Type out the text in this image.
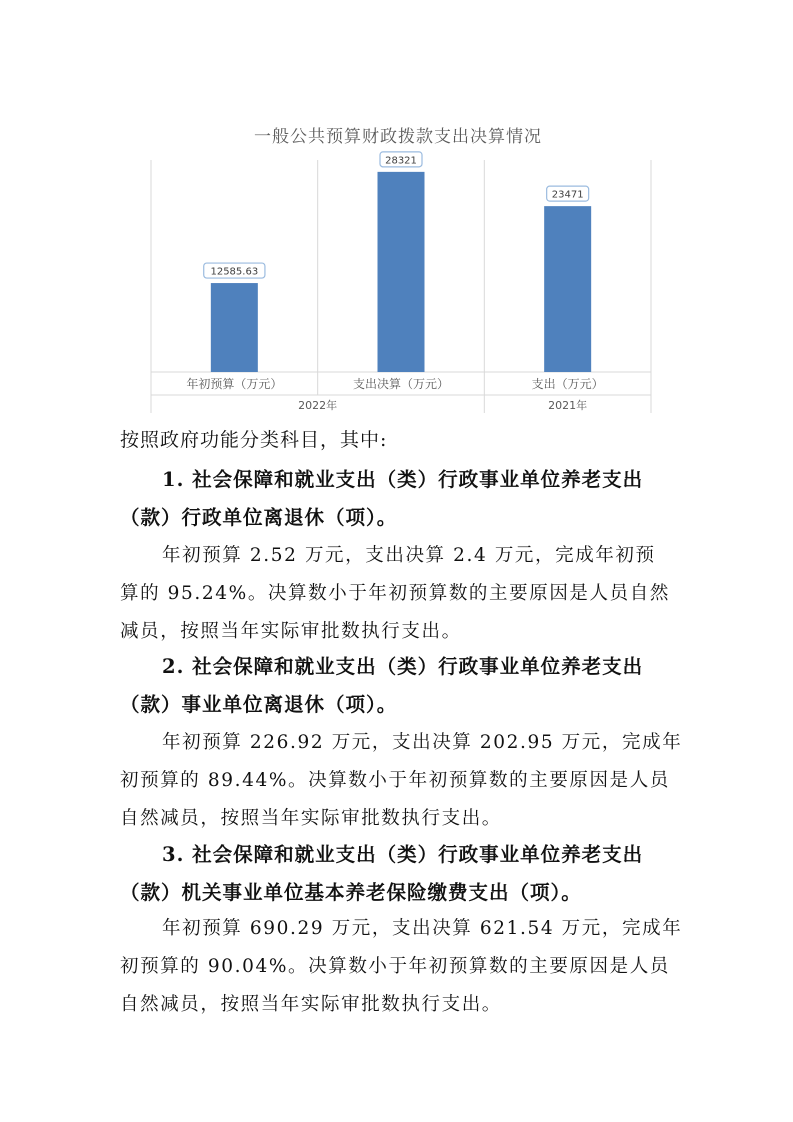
一般公共预算财政拨款支出决算情况
12585.63
28321
23471
年初预算（万元）	支出决算（万元）	支出（万元）
2022年	2021年

按照政府功能分类科目，其中:

1. 社会保障和就业支出（类）行政事业单位养老支出
（款）行政单位离退休（项）。
年初预算 2.52 万元，支出决算 2.4 万元，完成年初预
算的 95.24%。决算数小于年初预算数的主要原因是人员自然
减员，按照当年实际审批数执行支出。
2. 社会保障和就业支出（类）行政事业单位养老支出
（款）事业单位离退休（项）。
年初预算 226.92 万元，支出决算 202.95 万元，完成年
初预算的 89.44%。决算数小于年初预算数的主要原因是人员
自然减员，按照当年实际审批数执行支出。
3. 社会保障和就业支出（类）行政事业单位养老支出
（款）机关事业单位基本养老保险缴费支出（项）。
年初预算 690.29 万元，支出决算 621.54 万元，完成年
初预算的 90.04%。决算数小于年初预算数的主要原因是人员
自然减员，按照当年实际审批数执行支出。
